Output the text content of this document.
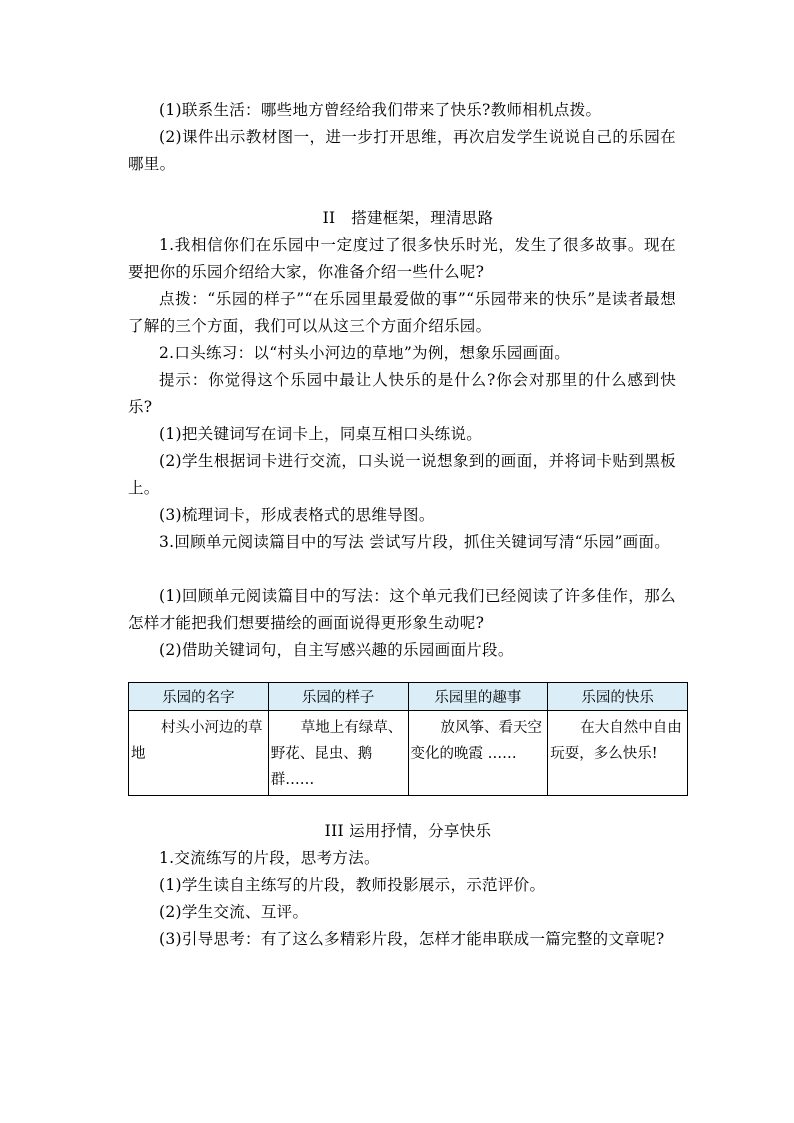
(1)联系生活：哪些地方曾经给我们带来了快乐?教师相机点拨。

(2)课件出示教材图一，进一步打开思维，再次启发学生说说自己的乐园在哪里。

II　搭建框架，理清思路

1.我相信你们在乐园中一定度过了很多快乐时光，发生了很多故事。现在要把你的乐园介绍给大家，你准备介绍一些什么呢?

点拨：“乐园的样子”“在乐园里最爱做的事”“乐园带来的快乐”是读者最想了解的三个方面，我们可以从这三个方面介绍乐园。

2.口头练习：以“村头小河边的草地”为例，想象乐园画面。

提示：你觉得这个乐园中最让人快乐的是什么?你会对那里的什么感到快乐?

(1)把关键词写在词卡上，同桌互相口头练说。

(2)学生根据词卡进行交流，口头说一说想象到的画面，并将词卡贴到黑板上。

(3)梳理词卡，形成表格式的思维导图。

3.回顾单元阅读篇目中的写法 尝试写片段，抓住关键词写清“乐园”画面。

(1)回顾单元阅读篇目中的写法：这个单元我们已经阅读了许多佳作，那么怎样才能把我们想要描绘的画面说得更形象生动呢?

(2)借助关键词句，自主写感兴趣的乐园画面片段。

乐园的名字	乐园的样子	乐园里的趣事	乐园的快乐
村头小河边的草地	草地上有绿草、野花、昆虫、鹅群……	放风筝、看天空变化的晚霞 ……	在大自然中自由玩耍，多么快乐!

III 运用抒情，分享快乐

1.交流练写的片段，思考方法。

(1)学生读自主练写的片段，教师投影展示，示范评价。

(2)学生交流、互评。

(3)引导思考：有了这么多精彩片段，怎样才能串联成一篇完整的文章呢?
